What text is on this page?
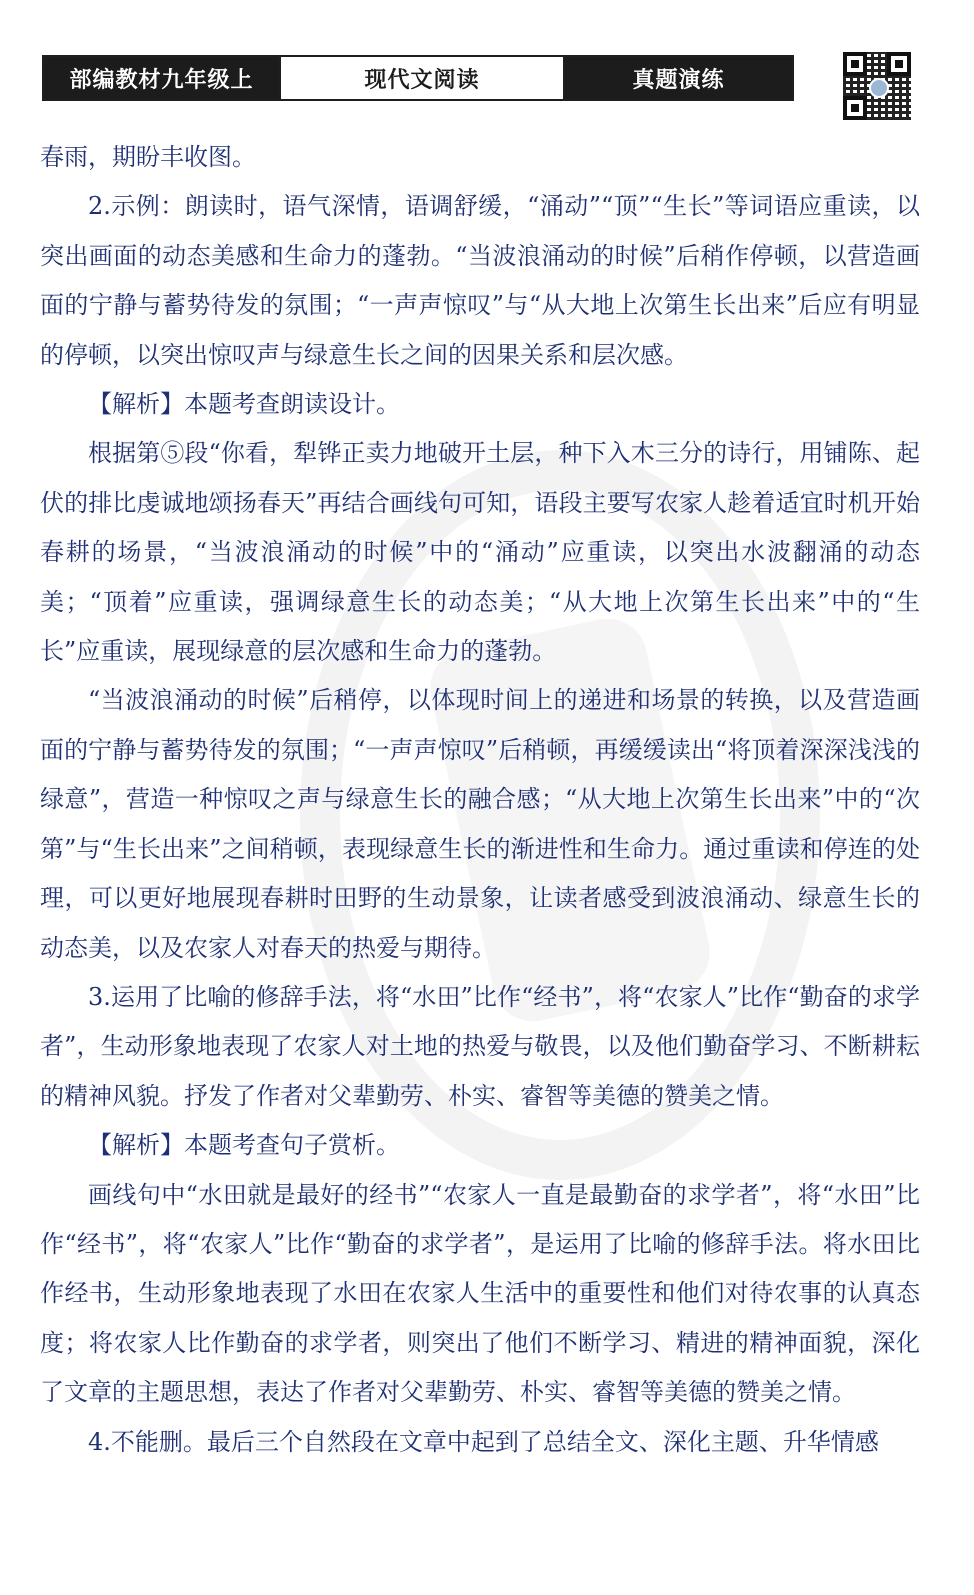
部编教材九年级上	现代文阅读	真题演练

春雨，期盼丰收图。

2.示例：朗读时，语气深情，语调舒缓，“涌动”“顶”“生长”等词语应重读，以突出画面的动态美感和生命力的蓬勃。“当波浪涌动的时候”后稍作停顿，以营造画面的宁静与蓄势待发的氛围；“一声声惊叹”与“从大地上次第生长出来”后应有明显的停顿，以突出惊叹声与绿意生长之间的因果关系和层次感。

【解析】本题考查朗读设计。

根据第⑤段“你看，犁铧正卖力地破开土层，种下入木三分的诗行，用铺陈、起伏的排比虔诚地颂扬春天”再结合画线句可知，语段主要写农家人趁着适宜时机开始春耕的场景，“当波浪涌动的时候”中的“涌动”应重读，以突出水波翻涌的动态美；“顶着”应重读，强调绿意生长的动态美；“从大地上次第生长出来”中的“生长”应重读，展现绿意的层次感和生命力的蓬勃。

“当波浪涌动的时候”后稍停，以体现时间上的递进和场景的转换，以及营造画面的宁静与蓄势待发的氛围；“一声声惊叹”后稍顿，再缓缓读出“将顶着深深浅浅的绿意”，营造一种惊叹之声与绿意生长的融合感；“从大地上次第生长出来”中的“次第”与“生长出来”之间稍顿，表现绿意生长的渐进性和生命力。通过重读和停连的处理，可以更好地展现春耕时田野的生动景象，让读者感受到波浪涌动、绿意生长的动态美，以及农家人对春天的热爱与期待。

3.运用了比喻的修辞手法，将“水田”比作“经书”，将“农家人”比作“勤奋的求学者”，生动形象地表现了农家人对土地的热爱与敬畏，以及他们勤奋学习、不断耕耘的精神风貌。抒发了作者对父辈勤劳、朴实、睿智等美德的赞美之情。

【解析】本题考查句子赏析。

画线句中“水田就是最好的经书”“农家人一直是最勤奋的求学者”，将“水田”比作“经书”，将“农家人”比作“勤奋的求学者”，是运用了比喻的修辞手法。将水田比作经书，生动形象地表现了水田在农家人生活中的重要性和他们对待农事的认真态度；将农家人比作勤奋的求学者，则突出了他们不断学习、精进的精神面貌，深化了文章的主题思想，表达了作者对父辈勤劳、朴实、睿智等美德的赞美之情。

4.不能删。最后三个自然段在文章中起到了总结全文、深化主题、升华情感
